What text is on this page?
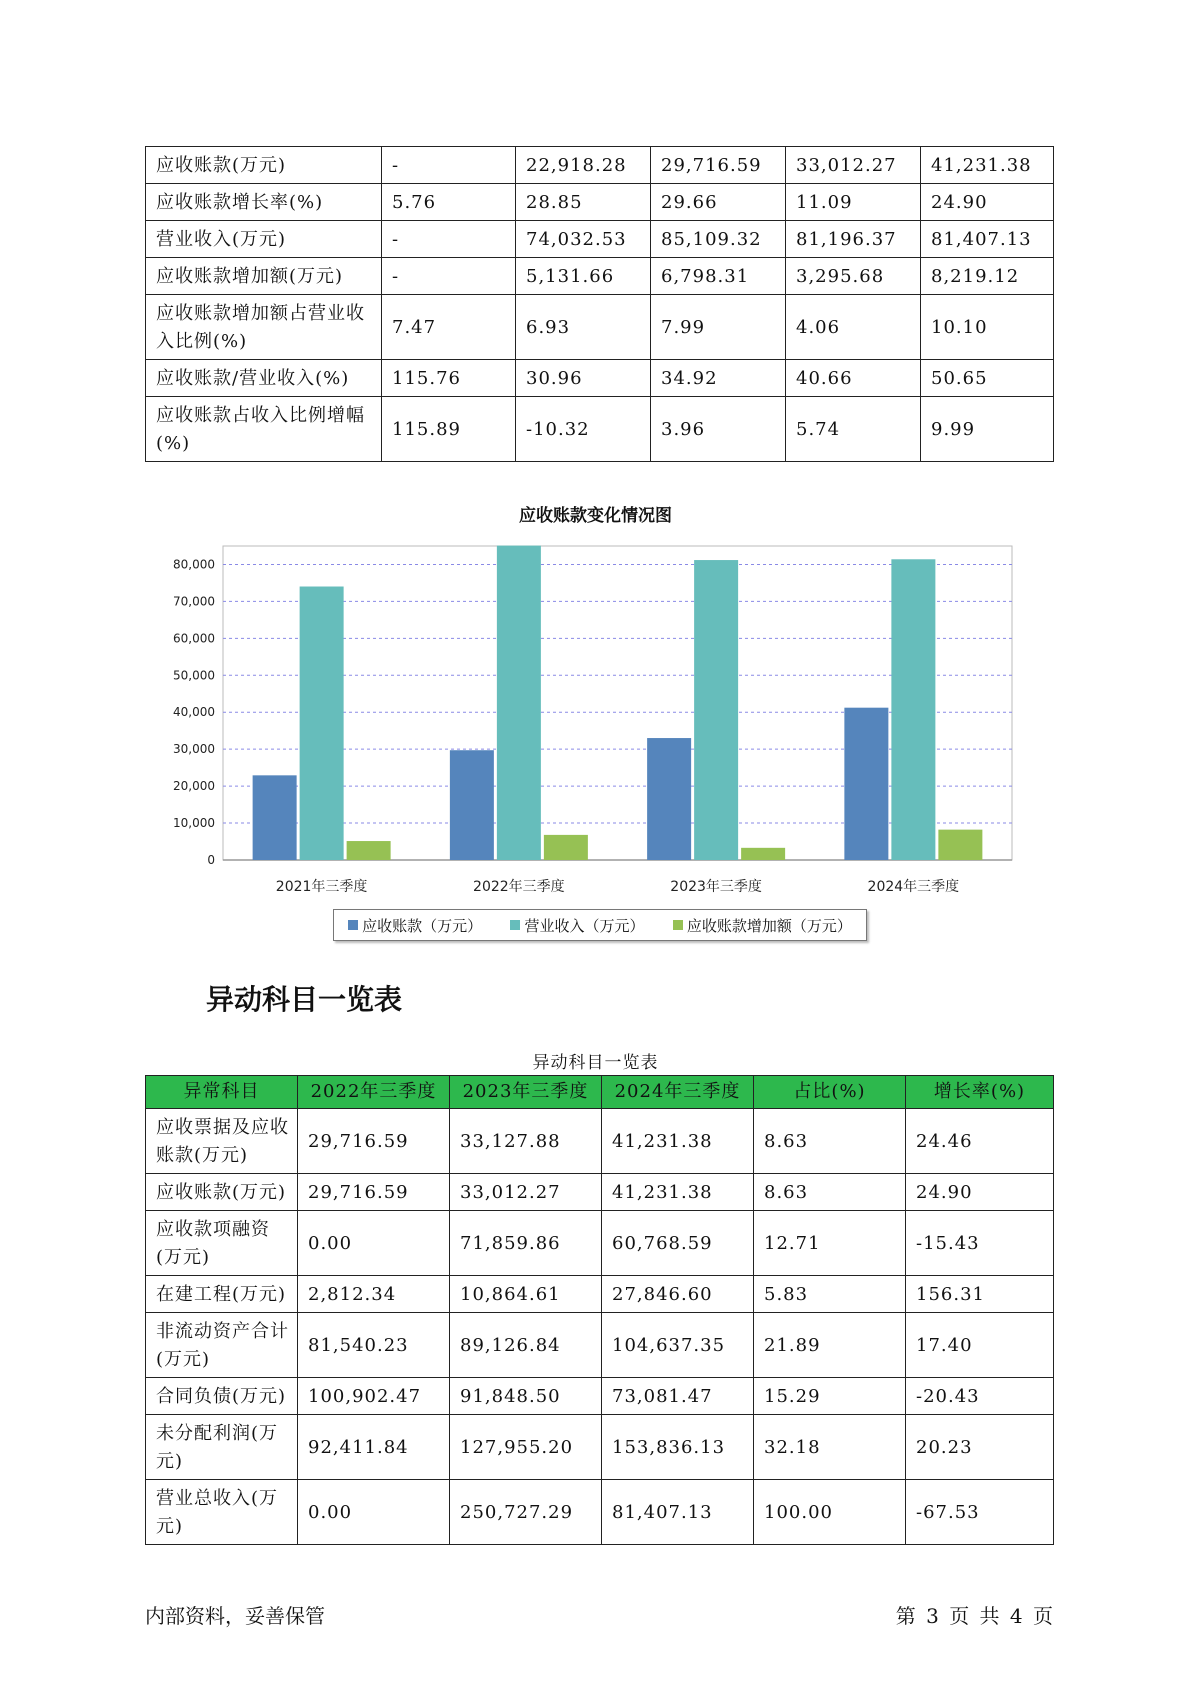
应收账款(万元)	-	22,918.28	29,716.59	33,012.27	41,231.38
应收账款增长率(%)	5.76	28.85	29.66	11.09	24.90
营业收入(万元)	-	74,032.53	85,109.32	81,196.37	81,407.13
应收账款增加额(万元)	-	5,131.66	6,798.31	3,295.68	8,219.12
应收账款增加额占营业收入比例(%)	7.47	6.93	7.99	4.06	10.10
应收账款/营业收入(%)	115.76	30.96	34.92	40.66	50.65
应收账款占收入比例增幅(%)	115.89	-10.32	3.96	5.74	9.99
应收账款变化情况图
0
10,000
20,000
30,000
40,000
50,000
60,000
70,000
80,000
2021年三季度	2022年三季度	2023年三季度	2024年三季度
应收账款（万元）	营业收入（万元）	应收账款增加额（万元）
异动科目一览表
异动科目一览表
异常科目	2022年三季度	2023年三季度	2024年三季度	占比(%)	增长率(%)
应收票据及应收账款(万元)	29,716.59	33,127.88	41,231.38	8.63	24.46
应收账款(万元)	29,716.59	33,012.27	41,231.38	8.63	24.90
应收款项融资(万元)	0.00	71,859.86	60,768.59	12.71	-15.43
在建工程(万元)	2,812.34	10,864.61	27,846.60	5.83	156.31
非流动资产合计(万元)	81,540.23	89,126.84	104,637.35	21.89	17.40
合同负债(万元)	100,902.47	91,848.50	73,081.47	15.29	-20.43
未分配利润(万元)	92,411.84	127,955.20	153,836.13	32.18	20.23
营业总收入(万元)	0.00	250,727.29	81,407.13	100.00	-67.53
内部资料，妥善保管	第 3 页 共 4 页
